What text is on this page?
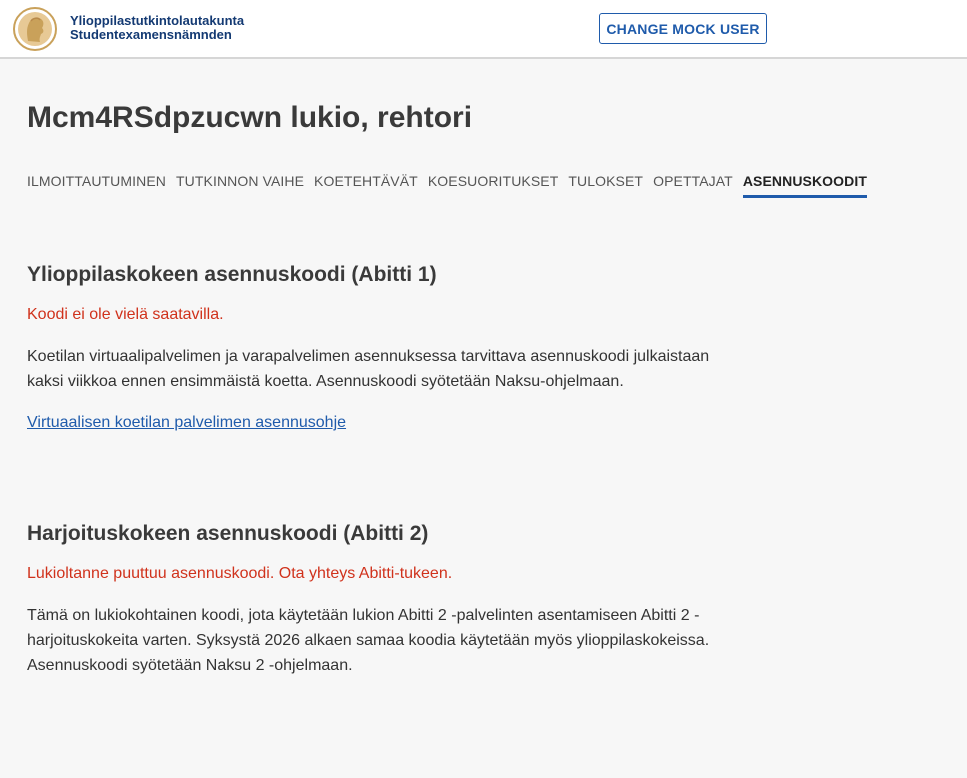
Ylioppilastutkintolautakunta
Studentexamensnämnden	CHANGE MOCK USER
Mcm4RSdpzucwn lukio, rehtori
ILMOITTAUTUMINEN TUTKINNON VAIHE KOETEHTÄVÄT KOESUORITUKSET TULOKSET OPETTAJAT ASENNUSKOODIT
Ylioppilaskokeen asennuskoodi (Abitti 1)
Koodi ei ole vielä saatavilla.
Koetilan virtuaalipalvelimen ja varapalvelimen asennuksessa tarvittava asennuskoodi julkaistaan
kaksi viikkoa ennen ensimmäistä koetta. Asennuskoodi syötetään Naksu-ohjelmaan.
Virtuaalisen koetilan palvelimen asennusohje
Harjoituskokeen asennuskoodi (Abitti 2)
Lukioltanne puuttuu asennuskoodi. Ota yhteys Abitti-tukeen.
Tämä on lukiokohtainen koodi, jota käytetään lukion Abitti 2 -palvelinten asentamiseen Abitti 2 -
harjoituskokeita varten. Syksystä 2026 alkaen samaa koodia käytetään myös ylioppilaskokeissa.
Asennuskoodi syötetään Naksu 2 -ohjelmaan.
